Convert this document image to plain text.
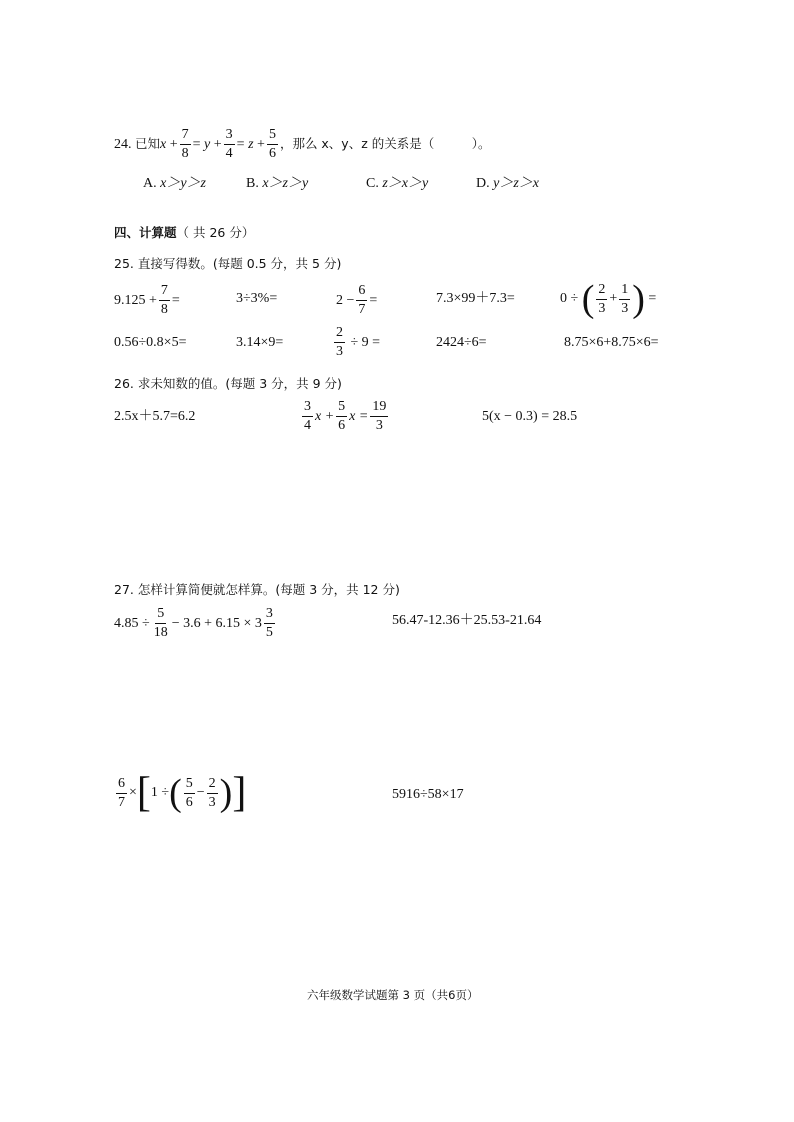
24.
已知 x
+ $\frac{7}{8}$ =
y
+ $\frac{3}{4}$ =
z
+ $\frac{5}{6}$ ，那么 x、y、z 的关系是（　　　）。
A. x＞y＞z	B. x＞z＞y	C. z＞x＞y	D. y＞z＞x
四、计算题（ 共 26 分）
25. 直接写得数。(每题 0.5 分，共 5 分)
$9.125 + \frac{7}{8}$ =	3÷3%=	$2 - \frac{6}{7}$ =	7.3×99＋7.3=	0 ÷
( $\frac{2}{3} + \frac{1}{3}$ )
=
0.56÷0.8×5=	3.14×9=	$\frac{2}{3}$
÷ 9 =	2424÷6=	8.75×6+8.75×6=
26. 求未知数的值。(每题 3 分，共 9 分)
2.5x＋5.7=6.2	$\frac{3}{4}$ $x + \frac{5}{6}$ $x = \frac{19}{3}$	5(x − 0.3) = 28.5
27. 怎样计算简便就怎样算。(每题 3 分，共 12 分)
$4.85 \div \frac{5}{18} - 3.6 + 6.15 \times 3 \frac{3}{5}$	56.47-12.36＋25.53-21.64
$\frac{6}{7}$ × [ 1 ÷ ( $\frac{5}{6} - \frac{2}{3}$ ) ]	5916÷58×17
六年级数学试题第 3 页（共6页）
